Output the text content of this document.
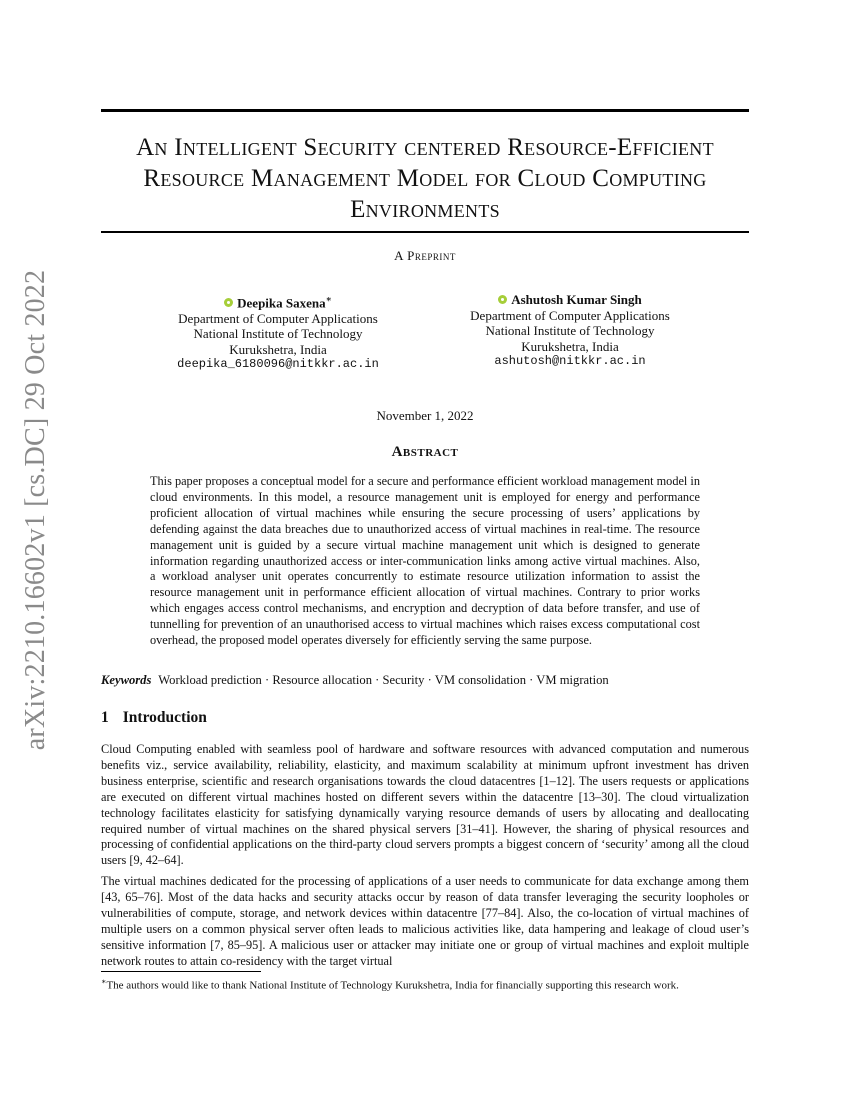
arXiv:2210.16602v1 [cs.DC] 29 Oct 2022
An Intelligent Security centered Resource-Efficient
Resource Management Model for Cloud Computing
Environments
A Preprint
Deepika Saxena∗
Department of Computer Applications
National Institute of Technology
Kurukshetra, India
deepika_6180096@nitkkr.ac.in
Ashutosh Kumar Singh
Department of Computer Applications
National Institute of Technology
Kurukshetra, India
ashutosh@nitkkr.ac.in
November 1, 2022
Abstract
This paper proposes a conceptual model for a secure and performance efficient workload management model in cloud environments. In this model, a resource management unit is employed for energy and performance proficient allocation of virtual machines while ensuring the secure processing of users’ applications by defending against the data breaches due to unauthorized access of virtual machines in real-time. The resource management unit is guided by a secure virtual machine management unit which is designed to generate information regarding unauthorized access or inter-communication links among active virtual machines. Also, a workload analyser unit operates concurrently to estimate resource utilization information to assist the resource management unit in performance efficient allocation of virtual machines. Contrary to prior works which engages access control mechanisms, and encryption and decryption of data before transfer, and use of tunnelling for prevention of an unauthorised access to virtual machines which raises excess computational cost overhead, the proposed model operates diversely for efficiently serving the same purpose.
Keywords Workload prediction · Resource allocation · Security · VM consolidation · VM migration
1 Introduction
Cloud Computing enabled with seamless pool of hardware and software resources with advanced computation and numerous benefits viz., service availability, reliability, elasticity, and maximum scalability at minimum upfront investment has driven business enterprise, scientific and research organisations towards the cloud datacentres [1–12]. The users requests or applications are executed on different virtual machines hosted on different severs within the datacentre [13–30]. The cloud virtualization technology facilitates elasticity for satisfying dynamically varying resource demands of users by allocating and deallocating required number of virtual machines on the shared physical servers [31–41]. However, the sharing of physical resources and processing of confidential applications on the third-party cloud servers prompts a biggest concern of ‘security’ among all the cloud users [9, 42–64].
The virtual machines dedicated for the processing of applications of a user needs to communicate for data exchange among them [43, 65–76]. Most of the data hacks and security attacks occur by reason of data transfer leveraging the security loopholes or vulnerabilities of compute, storage, and network devices within datacentre [77–84]. Also, the co-location of virtual machines of multiple users on a common physical server often leads to malicious activities like, data hampering and leakage of cloud user’s sensitive information [7, 85–95]. A malicious user or attacker may initiate one or group of virtual machines and exploit multiple network routes to attain co-residency with the target virtual
∗The authors would like to thank National Institute of Technology Kurukshetra, India for financially supporting this research work.
